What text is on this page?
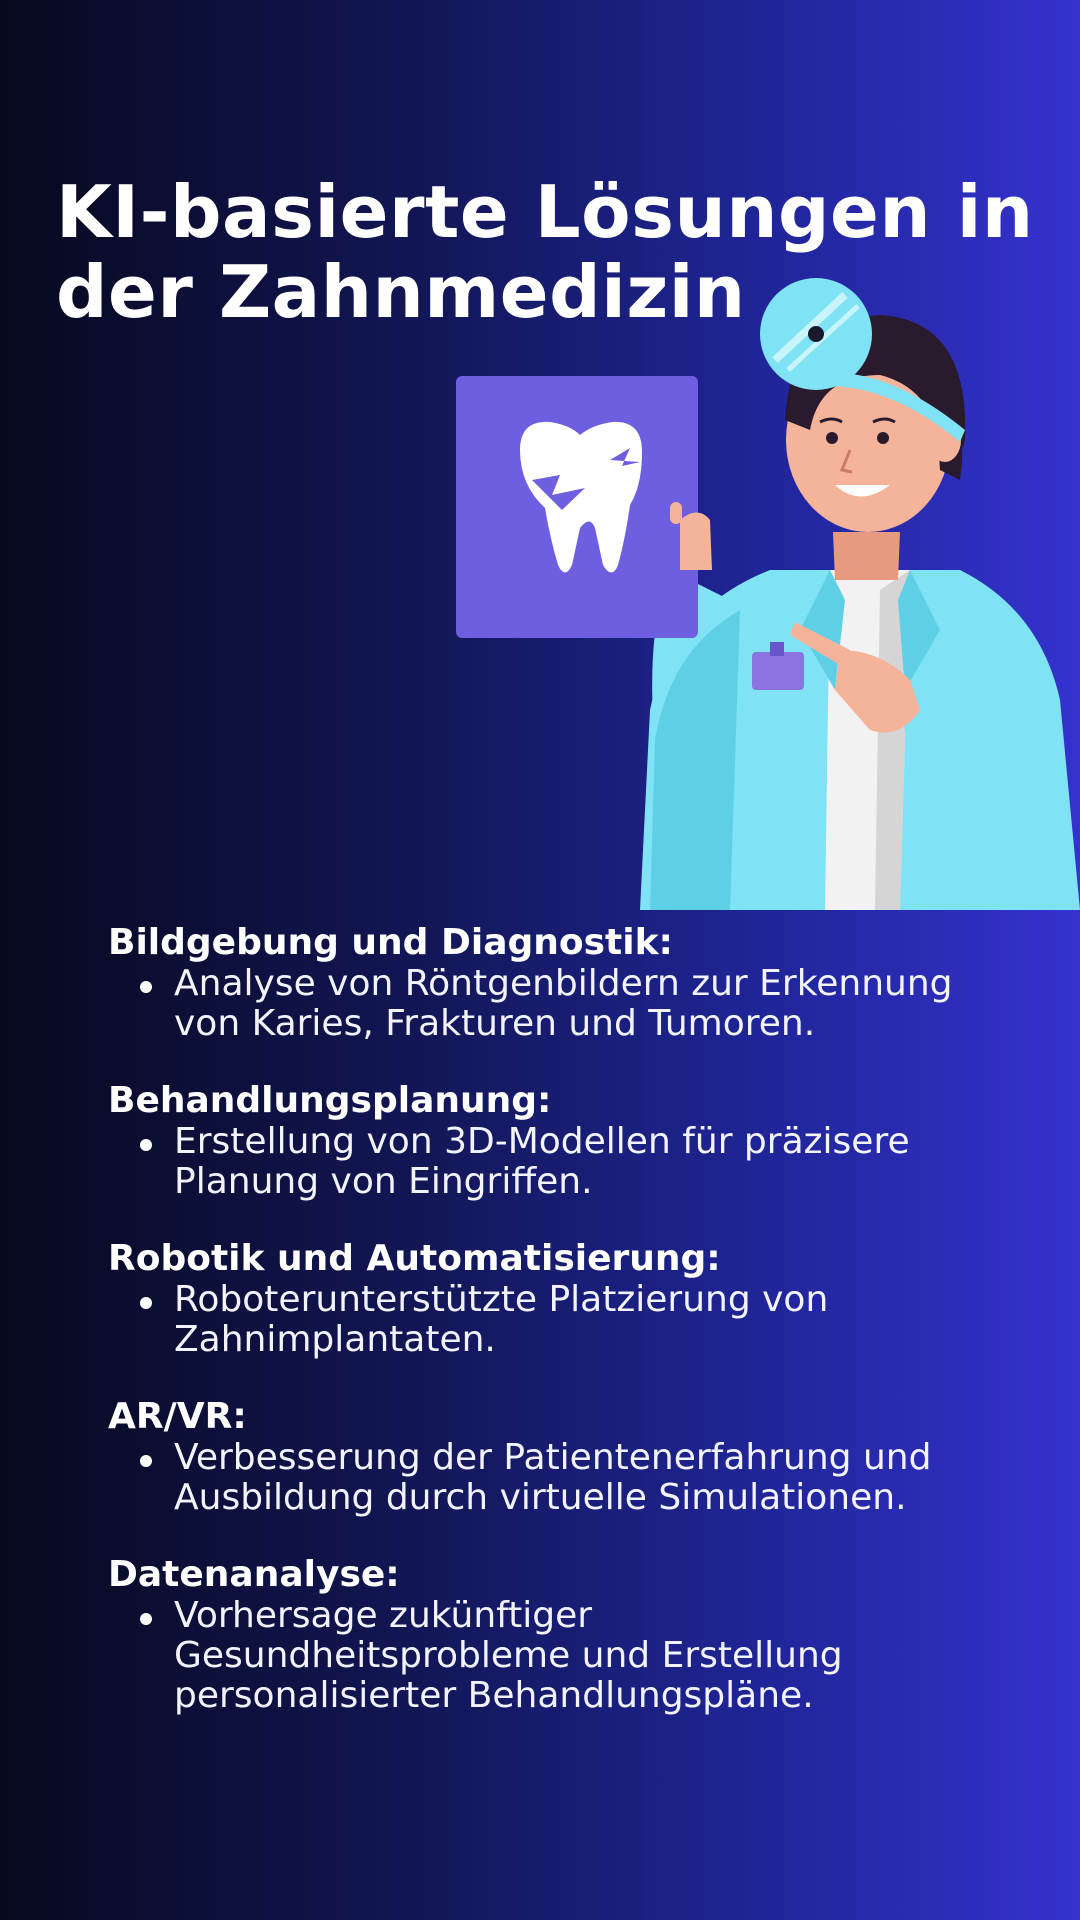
KI-basierte Lösungen in der Zahnmedizin

Bildgebung und Diagnostik:

Analyse von Röntgenbildern zur Erkennung von Karies, Frakturen und Tumoren.

Behandlungsplanung:

Erstellung von 3D-Modellen für präzisere Planung von Eingriffen.

Robotik und Automatisierung:

Roboterunterstützte Platzierung von Zahnimplantaten.

AR/VR:

Verbesserung der Patientenerfahrung und Ausbildung durch virtuelle Simulationen.

Datenanalyse:

Vorhersage zukünftiger Gesundheitsprobleme und Erstellung personalisierter Behandlungspläne.
